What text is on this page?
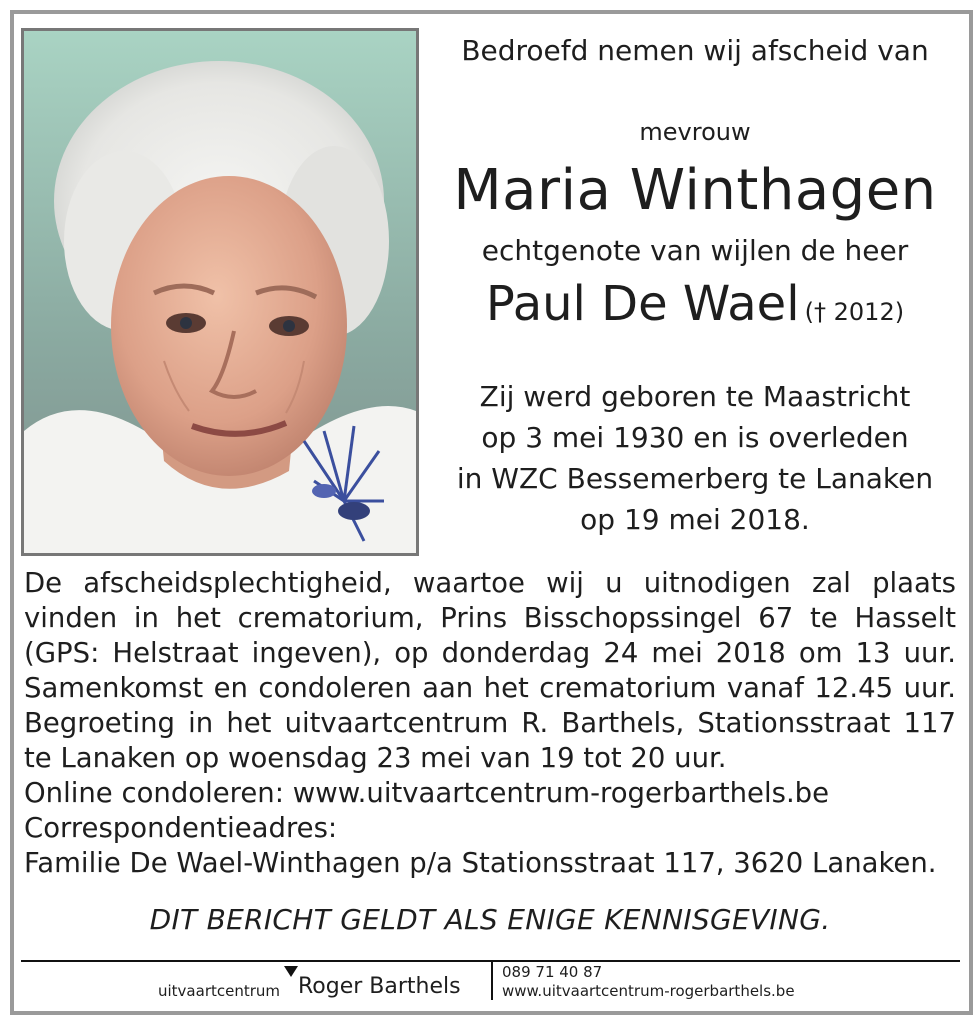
Bedroefd nemen wij afscheid van
mevrouw
Maria Winthagen
echtgenote van wijlen de heer
Paul De Wael († 2012)
Zij werd geboren te Maastricht
op 3 mei 1930 en is overleden
in WZC Bessemerberg te Lanaken
op 19 mei 2018.
De afscheidsplechtigheid, waartoe wij u uitnodigen zal plaats
vinden in het crematorium, Prins Bisschopssingel 67 te Hasselt
(GPS: Helstraat ingeven), op donderdag 24 mei 2018 om 13 uur.
Samenkomst en condoleren aan het crematorium vanaf 12.45 uur.
Begroeting in het uitvaartcentrum R. Barthels, Stationsstraat 117
te Lanaken op woensdag 23 mei van 19 tot 20 uur.
Online condoleren: www.uitvaartcentrum-rogerbarthels.be
Correspondentieadres:
Familie De Wael-Winthagen p/a Stationsstraat 117, 3620 Lanaken.
DIT BERICHT GELDT ALS ENIGE KENNISGEVING.
uitvaartcentrum Roger Barthels
089 71 40 87
www.uitvaartcentrum-rogerbarthels.be
